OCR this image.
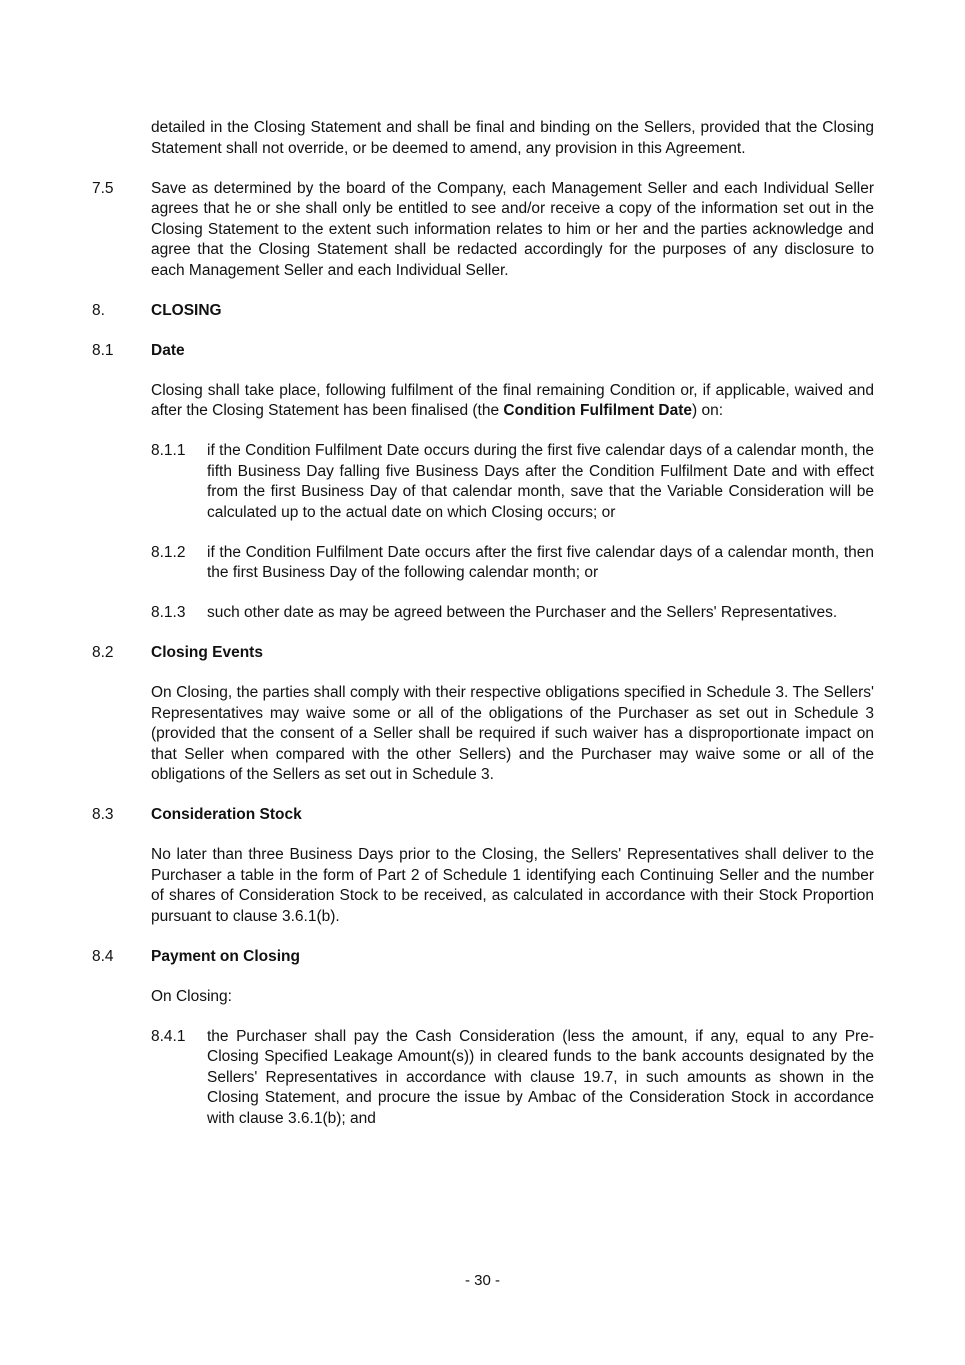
detailed in the Closing Statement and shall be final and binding on the Sellers, provided that the Closing Statement shall not override, or be deemed to amend, any provision in this Agreement.
7.5	Save as determined by the board of the Company, each Management Seller and each Individual Seller agrees that he or she shall only be entitled to see and/or receive a copy of the information set out in the Closing Statement to the extent such information relates to him or her and the parties acknowledge and agree that the Closing Statement shall be redacted accordingly for the purposes of any disclosure to each Management Seller and each Individual Seller.
8.	CLOSING
8.1	Date
Closing shall take place, following fulfilment of the final remaining Condition or, if applicable, waived and after the Closing Statement has been finalised (the Condition Fulfilment Date) on:
8.1.1	if the Condition Fulfilment Date occurs during the first five calendar days of a calendar month, the fifth Business Day falling five Business Days after the Condition Fulfilment Date and with effect from the first Business Day of that calendar month, save that the Variable Consideration will be calculated up to the actual date on which Closing occurs; or
8.1.2	if the Condition Fulfilment Date occurs after the first five calendar days of a calendar month, then the first Business Day of the following calendar month; or
8.1.3	such other date as may be agreed between the Purchaser and the Sellers' Representatives.
8.2	Closing Events
On Closing, the parties shall comply with their respective obligations specified in Schedule 3. The Sellers' Representatives may waive some or all of the obligations of the Purchaser as set out in Schedule 3 (provided that the consent of a Seller shall be required if such waiver has a disproportionate impact on that Seller when compared with the other Sellers) and the Purchaser may waive some or all of the obligations of the Sellers as set out in Schedule 3.
8.3	Consideration Stock
No later than three Business Days prior to the Closing, the Sellers' Representatives shall deliver to the Purchaser a table in the form of Part 2 of Schedule 1 identifying each Continuing Seller and the number of shares of Consideration Stock to be received, as calculated in accordance with their Stock Proportion pursuant to clause 3.6.1(b).
8.4	Payment on Closing
On Closing:
8.4.1	the Purchaser shall pay the Cash Consideration (less the amount, if any, equal to any Pre-Closing Specified Leakage Amount(s)) in cleared funds to the bank accounts designated by the Sellers' Representatives in accordance with clause 19.7, in such amounts as shown in the Closing Statement, and procure the issue by Ambac of the Consideration Stock in accordance with clause 3.6.1(b); and
- 30 -
